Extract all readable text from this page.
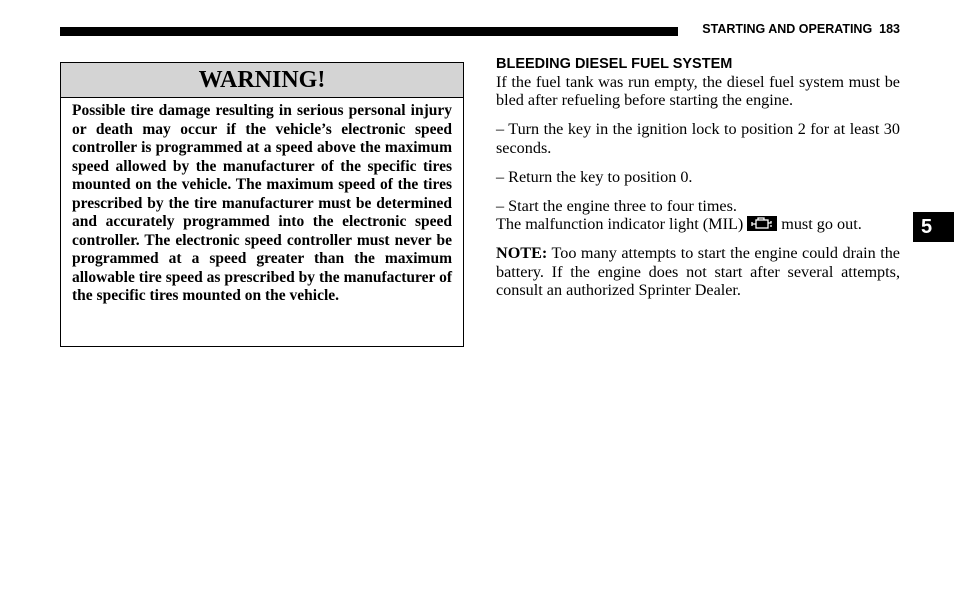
STARTING AND OPERATING 183
WARNING!
Possible tire damage resulting in serious personal injury or death may occur if the vehicle’s electronic speed controller is programmed at a speed above the maximum speed allowed by the manufacturer of the specific tires mounted on the vehicle. The maximum speed of the tires prescribed by the tire manufacturer must be determined and accurately programmed into the electronic speed controller. The electronic speed controller must never be programmed at a speed greater than the maximum allowable tire speed as prescribed by the manufacturer of the specific tires mounted on the vehicle.

BLEEDING DIESEL FUEL SYSTEM

If the fuel tank was run empty, the diesel fuel system must be bled after refueling before starting the engine.

– Turn the key in the ignition lock to position 2 for at least 30 seconds.

– Return the key to position 0.

– Start the engine three to four times.

The malfunction indicator light (MIL) must go out.

NOTE: Too many attempts to start the engine could drain the battery. If the engine does not start after several attempts, consult an authorized Sprinter Dealer.

5
